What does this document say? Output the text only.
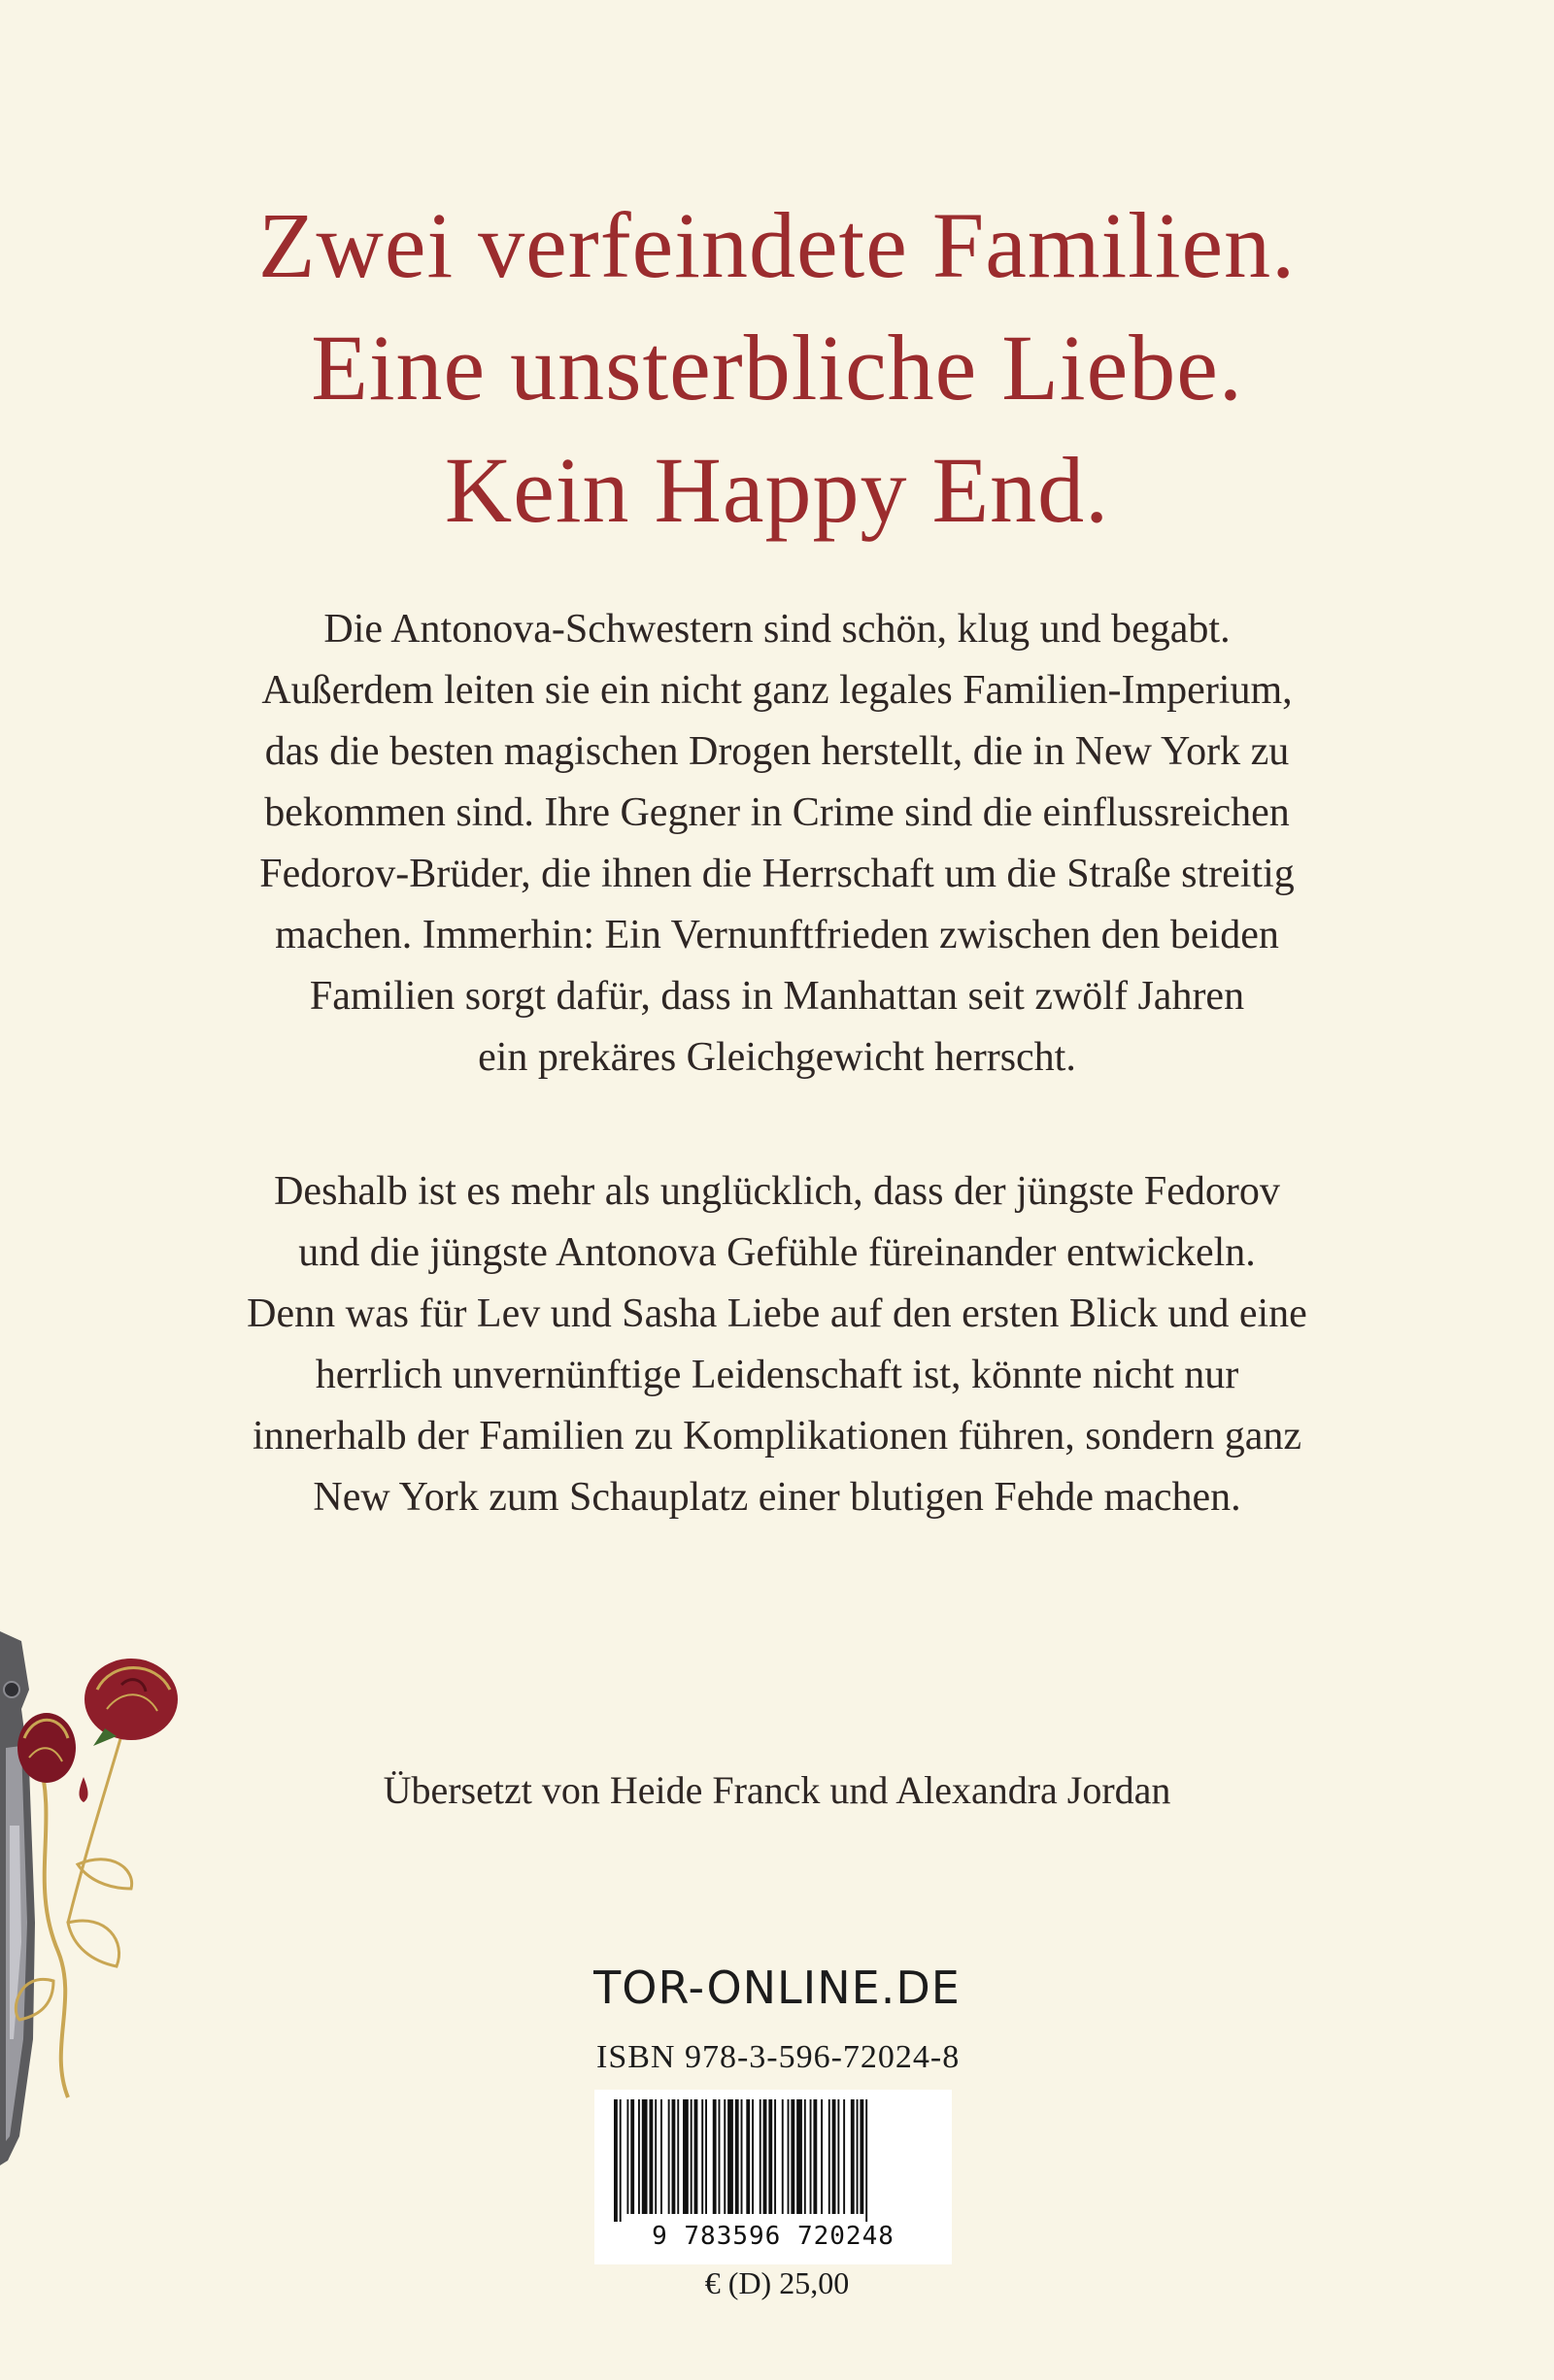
Zwei verfeindete Familien.
Eine unsterbliche Liebe.
Kein Happy End.
Die Antonova-Schwestern sind schön, klug und begabt.
Außerdem leiten sie ein nicht ganz legales Familien-Imperium,
das die besten magischen Drogen herstellt, die in New York zu
bekommen sind. Ihre Gegner in Crime sind die einflussreichen
Fedorov-Brüder, die ihnen die Herrschaft um die Straße streitig
machen. Immerhin: Ein Vernunftfrieden zwischen den beiden
Familien sorgt dafür, dass in Manhattan seit zwölf Jahren
ein prekäres Gleichgewicht herrscht.
Deshalb ist es mehr als unglücklich, dass der jüngste Fedorov
und die jüngste Antonova Gefühle füreinander entwickeln.
Denn was für Lev und Sasha Liebe auf den ersten Blick und eine
herrlich unvernünftige Leidenschaft ist, könnte nicht nur
innerhalb der Familien zu Komplikationen führen, sondern ganz
New York zum Schauplatz einer blutigen Fehde machen.
Übersetzt von Heide Franck und Alexandra Jordan
TOR-ONLINE.DE
ISBN 978-3-596-72024-8
9 783596 720248
€ (D) 25,00
